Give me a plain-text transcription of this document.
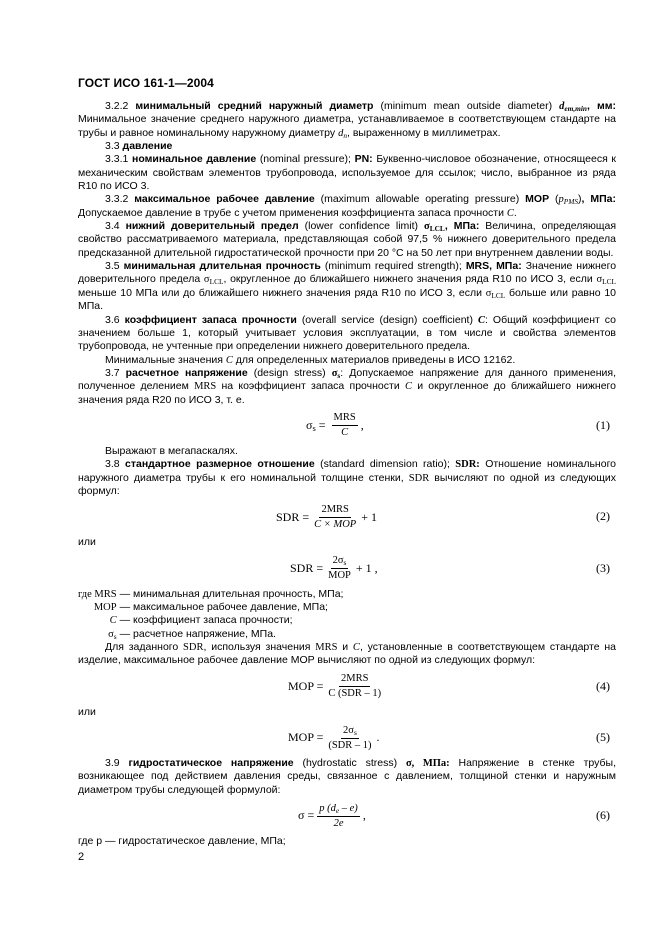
ГОСТ ИСО 161-1—2004

3.2.2 минимальный средний наружный диаметр (minimum mean outside diameter) $d_{em,min}$, мм: Минимальное значение среднего наружного диаметра, устанавливаемое в соответствующем стандарте на трубы и равное номинальному наружному диаметру $d_n$, выраженному в миллиметрах.

3.3 давление

3.3.1 номинальное давление (nominal pressure); PN: Буквенно-числовое обозначение, относящееся к механическим свойствам элементов трубопровода, используемое для ссылок; число, выбранное из ряда R10 по ИСО 3.

3.3.2 максимальное рабочее давление (maximum allowable operating pressure) MOP $(p_{PMS})$, МПа: Допускаемое давление в трубе с учетом применения коэффициента запаса прочности C.

3.4 нижний доверительный предел (lower confidence limit) $\sigma_{LCL}$, МПа: Величина, определяющая свойство рассматриваемого материала, представляющая собой 97,5 % нижнего доверительного предела предсказанной длительной гидростатической прочности при 20 °С на 50 лет при внутреннем давлении воды.

3.5 минимальная длительная прочность (minimum required strength); MRS, МПа: Значение нижнего доверительного предела $\sigma_{LCL}$, округленное до ближайшего нижнего значения ряда R10 по ИСО 3, если $\sigma_{LCL}$ меньше 10 МПа или до ближайшего нижнего значения ряда R10 по ИСО 3, если $\sigma_{LCL}$ больше или равно 10 МПа.

3.6 коэффициент запаса прочности (overall service (design) coefficient) C: Общий коэффициент со значением больше 1, который учитывает условия эксплуатации, в том числе и свойства элементов трубопровода, не учтенные при определении нижнего доверительного предела.

Минимальные значения C для определенных материалов приведены в ИСО 12162.

3.7 расчетное напряжение (design stress) $\sigma_s$: Допускаемое напряжение для данного применения, полученное делением MRS на коэффициент запаса прочности C и округленное до ближайшего нижнего значения ряда R20 по ИСО 3, т. е.

$\sigma_s = \frac{\text{MRS}}{C}$ ,	(1)

Выражают в мегапаскалях.

3.8 стандартное размерное отношение (standard dimension ratio); SDR: Отношение номинального наружного диаметра трубы к его номинальной толщине стенки, SDR вычисляют по одной из следующих формул:

SDR = $\frac{\text{2MRS}}{\text{C × MOP}} + 1$	(2)

или

SDR = $\frac{2\sigma_s}{\text{MOP}} + 1$ ,	(3)
где MRS	— минимальная длительная прочность, МПа;
MOP	— максимальное рабочее давление, МПа;
C	— коэффициент запаса прочности;
$\sigma_s$	— расчетное напряжение, МПа.

Для заданного SDR, используя значения MRS и C, установленные в соответствующем стандарте на изделие, максимальное рабочее давление MOP вычисляют по одной из следующих формул:

MOP = $\frac{\text{2MRS}}{\text{C (SDR – 1)}}$	(4)

или

MOP = $\frac{2\sigma_s}{\text{(SDR – 1)}}$ .	(5)

3.9 гидростатическое напряжение (hydrostatic stress) σ, МПа: Напряжение в стенке трубы, возникающее под действием давления среды, связанное с давлением, толщиной стенки и наружным диаметром трубы следующей формулой:

$\sigma = \frac{p (d_e - e)}{2e}$ ,	(6)

где p — гидростатическое давление, МПа;

2
